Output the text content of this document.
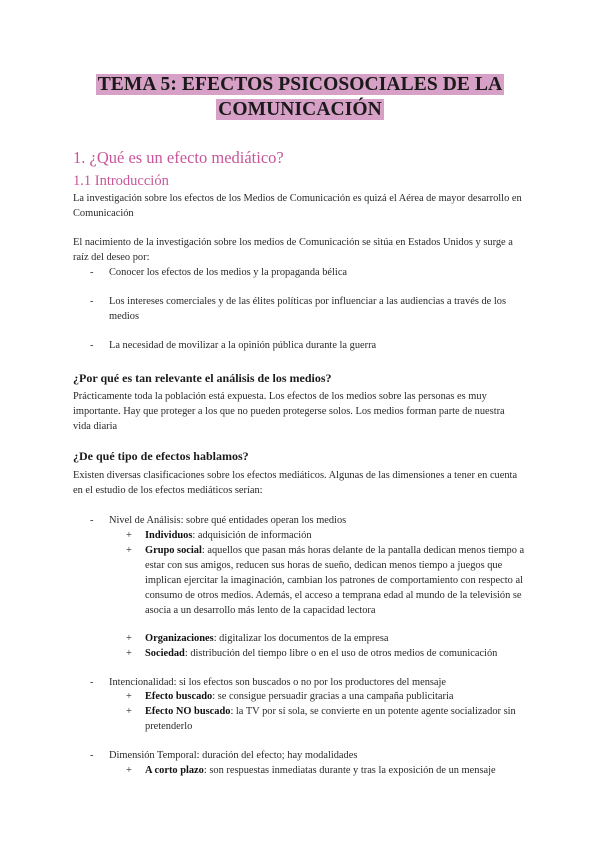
TEMA 5: EFECTOS PSICOSOCIALES DE LA
COMUNICACIÓN
1. ¿Qué es un efecto mediático?
1.1 Introducción
La investigación sobre los efectos de los Medios de Comunicación es quizá el Aérea de mayor desarrollo en Comunicación
El nacimiento de la investigación sobre los medios de Comunicación se sitúa en Estados Unidos y surge a raíz del deseo por:
- Conocer los efectos de los medios y la propaganda bélica
- Los intereses comerciales y de las élites políticas por influenciar a las audiencias a través de los medios
- La necesidad de movilizar a la opinión pública durante la guerra
¿Por qué es tan relevante el análisis de los medios?
Prácticamente toda la población está expuesta. Los efectos de los medios sobre las personas es muy importante. Hay que proteger a los que no pueden protegerse solos. Los medios forman parte de nuestra vida diaria
¿De qué tipo de efectos hablamos?
Existen diversas clasificaciones sobre los efectos mediáticos. Algunas de las dimensiones a tener en cuenta en el estudio de los efectos mediáticos serían:
- Nivel de Análisis: sobre qué entidades operan los medios
+ Individuos: adquisición de información
+ Grupo social: aquellos que pasan más horas delante de la pantalla dedican menos tiempo a estar con sus amigos, reducen sus horas de sueño, dedican menos tiempo a juegos que implican ejercitar la imaginación, cambian los patrones de comportamiento con respecto al consumo de otros medios. Además, el acceso a temprana edad al mundo de la televisión se asocia a un desarrollo más lento de la capacidad lectora
+ Organizaciones: digitalizar los documentos de la empresa
+ Sociedad: distribución del tiempo libre o en el uso de otros medios de comunicación
- Intencionalidad: si los efectos son buscados o no por los productores del mensaje
+ Efecto buscado: se consigue persuadir gracias a una campaña publicitaria
+ Efecto NO buscado: la TV por sí sola, se convierte en un potente agente socializador sin pretenderlo
- Dimensión Temporal: duración del efecto; hay modalidades
+ A corto plazo: son respuestas inmediatas durante y tras la exposición de un mensaje
